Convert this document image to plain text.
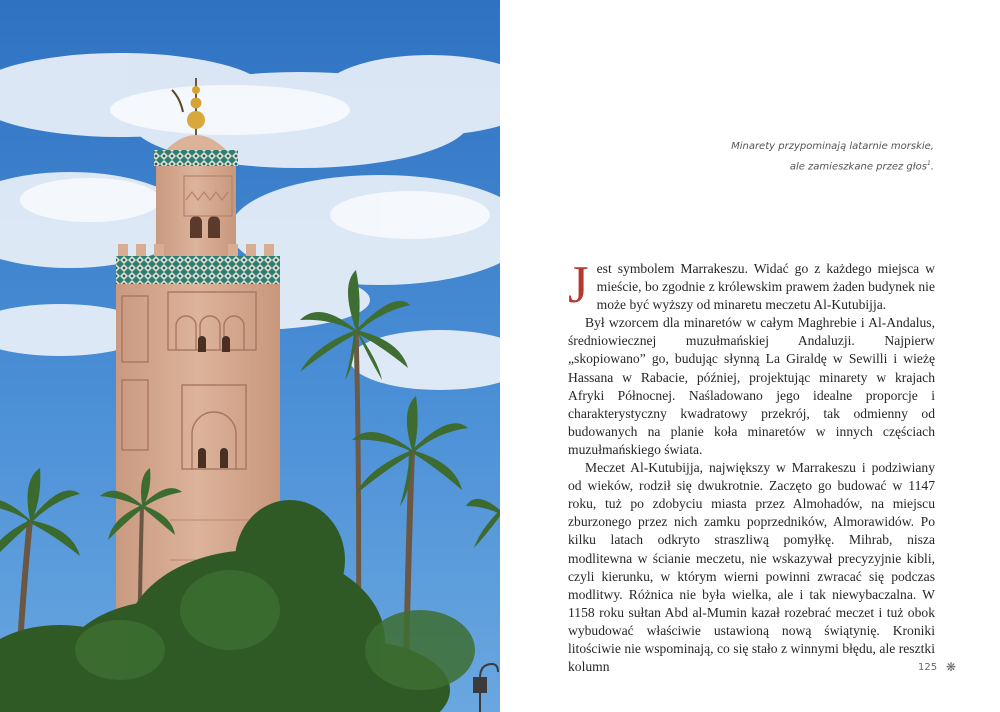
Minarety przypominają latarnie morskie,
ale zamieszkane przez głos$^1$.

Jest symbolem Marrakeszu. Widać go z każdego miejsca w mieście, bo zgodnie z królewskim prawem żaden budynek nie może być wyższy od minaretu meczetu Al-Kutubijja.

Był wzorcem dla minaretów w całym Maghrebie i Al-Andalus, średniowiecznej muzułmańskiej Andaluzji. Najpierw „skopiowano” go, budując słynną La Giraldę w Sewilli i wieżę Hassana w Rabacie, później, projektując minarety w krajach Afryki Północnej. Naśladowano jego idealne proporcje i charakterystyczny kwadratowy przekrój, tak odmienny od budowanych na planie koła minaretów w innych częściach muzułmańskiego świata.

Meczet Al-Kutubijja, największy w Marrakeszu i podziwiany od wieków, rodził się dwukrotnie. Zaczęto go budować w 1147 roku, tuż po zdobyciu miasta przez Almohadów, na miejscu zburzonego przez nich zamku poprzedników, Almorawidów. Po kilku latach odkryto straszliwą pomyłkę. Mihrab, nisza modlitewna w ścianie meczetu, nie wskazywał precyzyjnie kibli, czyli kierunku, w którym wierni powinni zwracać się podczas modlitwy. Różnica nie była wielka, ale i tak niewybaczalna. W 1158 roku sułtan Abd al-Mumin kazał rozebrać meczet i tuż obok wybudować właściwie ustawioną nową świątynię. Kroniki litościwie nie wspominają, co się stało z winnymi błędu, ale resztki kolumn	125 ❋
